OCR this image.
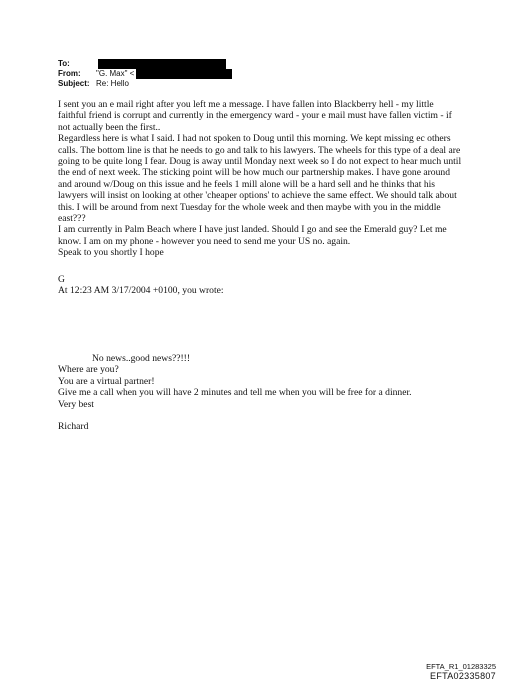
To:
From:	"G. Max" <
Subject: Re: Hello

I sent you an e mail right after you left me a message. I have fallen into Blackberry hell - my little faithful friend is corrupt and currently in the emergency ward - your e mail must have fallen victim - if not actually been the first..

Regardless here is what I said. I had not spoken to Doug until this morning. We kept missing ec others calls. The bottom line is that he needs to go and talk to his lawyers. The wheels for this type of a deal are going to be quite long I fear. Doug is away until Monday next week so I do not expect to hear much until the end of next week. The sticking point will be how much our partnership makes. I have gone around and around w/Doug on this issue and he feels 1 mill alone will be a hard sell and he thinks that his lawyers will insist on looking at other 'cheaper options' to achieve the same effect. We should talk about this. I will be around from next Tuesday for the whole week and then maybe with you in the middle east???

I am currently in Palm Beach where I have just landed. Should I go and see the Emerald guy? Let me know. I am on my phone - however you need to send me your US no. again.

Speak to you shortly I hope

G
At 12:23 AM 3/17/2004 +0100, you wrote:

No news..good news??!!!

Where are you?

You are a virtual partner!

Give me a call when you will have 2 minutes and tell me when you will be free for a dinner.

Very best

Richard

EFTA_R1_01283325
EFTA02335807
